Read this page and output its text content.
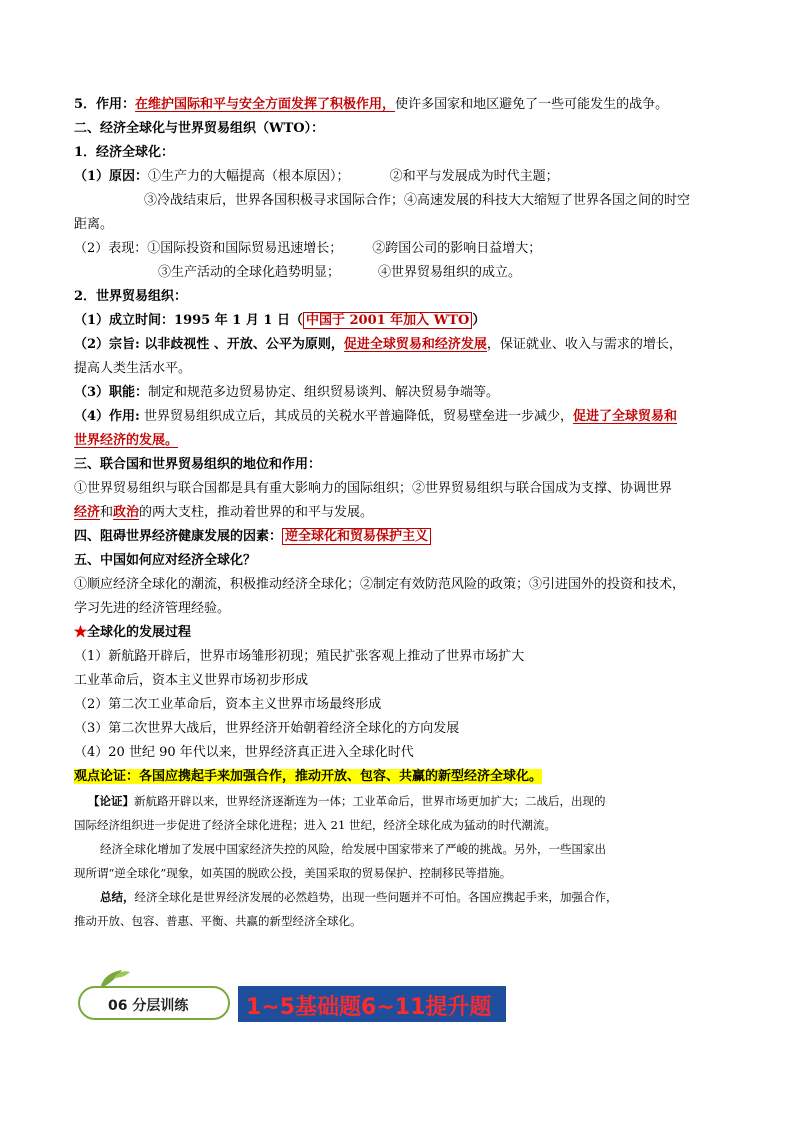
5．作用：在维护国际和平与安全方面发挥了积极作用，使许多国家和地区避免了一些可能发生的战争。
二、经济全球化与世界贸易组织（WTO）：
1．经济全球化：
（1）原因：①生产力的大幅提高（根本原因）；	②和平与发展成为时代主题；
③冷战结束后，世界各国积极寻求国际合作；④高速发展的科技大大缩短了世界各国之间的时空
距离。
（2）表现：①国际投资和国际贸易迅速增长； ②跨国公司的影响日益增大；
③生产活动的全球化趋势明显；	④世界贸易组织的成立。
2．世界贸易组织：
（1）成立时间：1995 年 1 月 1 日（ 中国于 2001 年加入 WTO ）
（2）宗旨: 以非歧视性 、开放、公平为原则，促进全球贸易和经济发展，保证就业、收入与需求的增长，
提高人类生活水平。
（3）职能：制定和规范多边贸易协定、组织贸易谈判、解决贸易争端等。
（4）作用: 世界贸易组织成立后，其成员的关税水平普遍降低，贸易壁垒进一步减少，促进了全球贸易和
世界经济的发展。
三、联合国和世界贸易组织的地位和作用：
①世界贸易组织与联合国都是具有重大影响力的国际组织；②世界贸易组织与联合国成为支撑、协调世界
经济和政治的两大支柱，推动着世界的和平与发展。
四、阻碍世界经济健康发展的因素： 逆全球化和贸易保护主义
五、中国如何应对经济全球化？
①顺应经济全球化的潮流，积极推动经济全球化；②制定有效防范风险的政策；③引进国外的投资和技术，
学习先进的经济管理经验。
★全球化的发展过程
（1）新航路开辟后，世界市场雏形初现；殖民扩张客观上推动了世界市场扩大
工业革命后，资本主义世界市场初步形成
（2）第二次工业革命后，资本主义世界市场最终形成
（3）第二次世界大战后，世界经济开始朝着经济全球化的方向发展
（4）20 世纪 90 年代以来，世界经济真正进入全球化时代
观点论证：各国应携起手来加强合作，推动开放、包容、共赢的新型经济全球化。
【论证】新航路开辟以来，世界经济逐渐连为一体；工业革命后，世界市场更加扩大；二战后，出现的
国际经济组织进一步促进了经济全球化进程；进入 21 世纪，经济全球化成为猛动的时代潮流。
经济全球化增加了发展中国家经济失控的风险，给发展中国家带来了严峻的挑战。另外，一些国家出
现所谓“逆全球化”现象，如英国的脱欧公投，美国采取的贸易保护、控制移民等措施。
总结，经济全球化是世界经济发展的必然趋势，出现一些问题并不可怕。各国应携起手来，加强合作，
推动开放、包容、普惠、平衡、共赢的新型经济全球化。
06 分层训练	1~5基础题6~11提升题
